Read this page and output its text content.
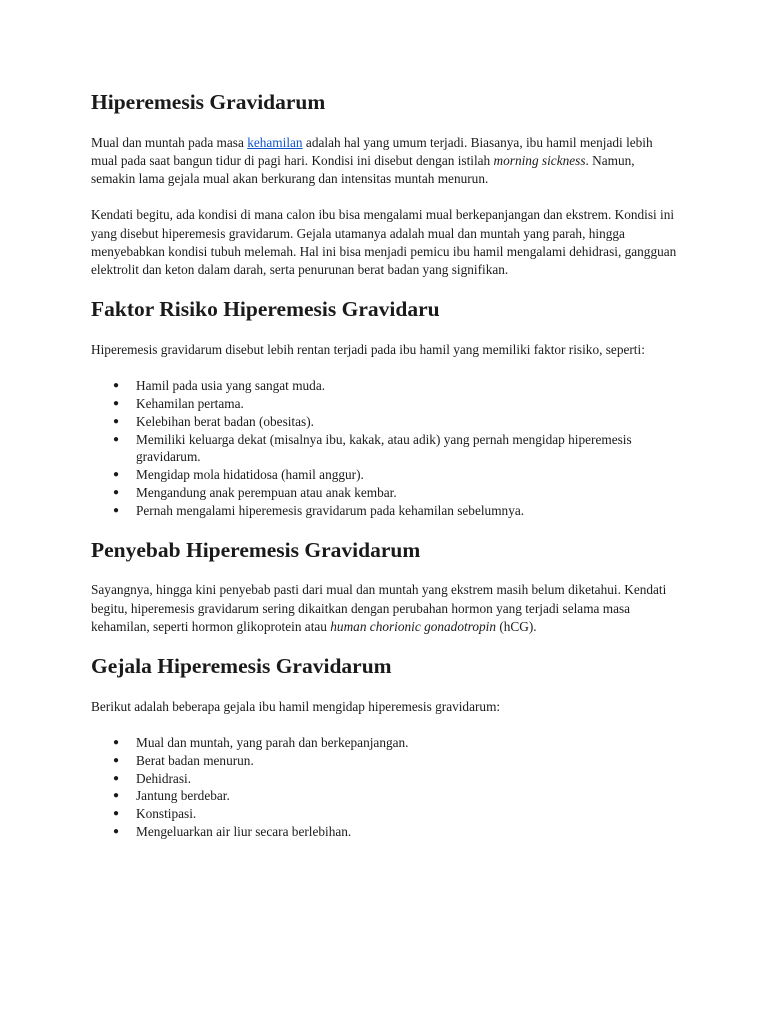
Hiperemesis Gravidarum

Mual dan muntah pada masa kehamilan adalah hal yang umum terjadi. Biasanya, ibu hamil menjadi lebih mual pada saat bangun tidur di pagi hari. Kondisi ini disebut dengan istilah morning sickness. Namun, semakin lama gejala mual akan berkurang dan intensitas muntah menurun.

Kendati begitu, ada kondisi di mana calon ibu bisa mengalami mual berkepanjangan dan ekstrem. Kondisi ini yang disebut hiperemesis gravidarum. Gejala utamanya adalah mual dan muntah yang parah, hingga menyebabkan kondisi tubuh melemah. Hal ini bisa menjadi pemicu ibu hamil mengalami dehidrasi, gangguan elektrolit dan keton dalam darah, serta penurunan berat badan yang signifikan.

Faktor Risiko Hiperemesis Gravidaru

Hiperemesis gravidarum disebut lebih rentan terjadi pada ibu hamil yang memiliki faktor risiko, seperti:

● Hamil pada usia yang sangat muda.
● Kehamilan pertama.
● Kelebihan berat badan (obesitas).
● Memiliki keluarga dekat (misalnya ibu, kakak, atau adik) yang pernah mengidap hiperemesis gravidarum.
● Mengidap mola hidatidosa (hamil anggur).
● Mengandung anak perempuan atau anak kembar.
● Pernah mengalami hiperemesis gravidarum pada kehamilan sebelumnya.
Penyebab Hiperemesis Gravidarum

Sayangnya, hingga kini penyebab pasti dari mual dan muntah yang ekstrem masih belum diketahui. Kendati begitu, hiperemesis gravidarum sering dikaitkan dengan perubahan hormon yang terjadi selama masa kehamilan, seperti hormon glikoprotein atau human chorionic gonadotropin (hCG).

Gejala Hiperemesis Gravidarum

Berikut adalah beberapa gejala ibu hamil mengidap hiperemesis gravidarum:

● Mual dan muntah, yang parah dan berkepanjangan.
● Berat badan menurun.
● Dehidrasi.
● Jantung berdebar.
● Konstipasi.
● Mengeluarkan air liur secara berlebihan.
